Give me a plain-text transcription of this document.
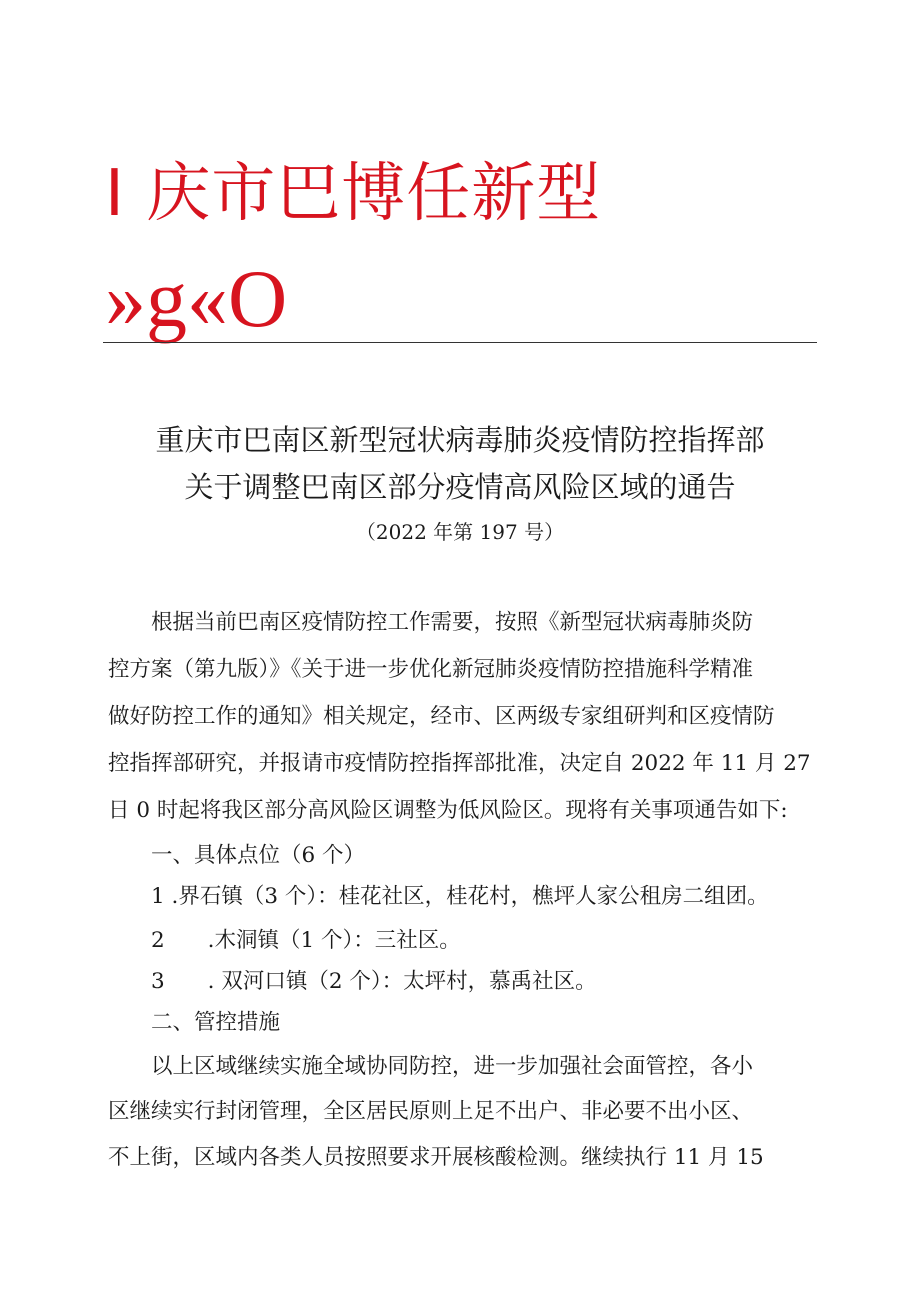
I 庆市巴博任新型
»g«O
重庆市巴南区新型冠状病毒肺炎疫情防控指挥部
关于调整巴南区部分疫情高风险区域的通告
（2022 年第 197 号）
　　根据当前巴南区疫情防控工作需要，按照《新型冠状病毒肺炎防
控方案（第九版）》《关于进一步优化新冠肺炎疫情防控措施科学精准
做好防控工作的通知》相关规定，经市、区两级专家组研判和区疫情防
控指挥部研究，并报请市疫情防控指挥部批准，决定自 2022 年 11 月 27
日 0 时起将我区部分高风险区调整为低风险区。现将有关事项通告如下:
　　一、具体点位（6 个）
　　1 .界石镇（3 个）：桂花社区，桂花村，樵坪人家公租房二组团。
　　2　　.木洞镇（1 个）：三社区。
　　3　　. 双河口镇（2 个）：太坪村，慕禹社区。
　　二、管控措施
　　以上区域继续实施全域协同防控，进一步加强社会面管控，各小
区继续实行封闭管理，全区居民原则上足不出户、非必要不出小区、
不上街，区域内各类人员按照要求开展核酸检测。继续执行 11 月 15
